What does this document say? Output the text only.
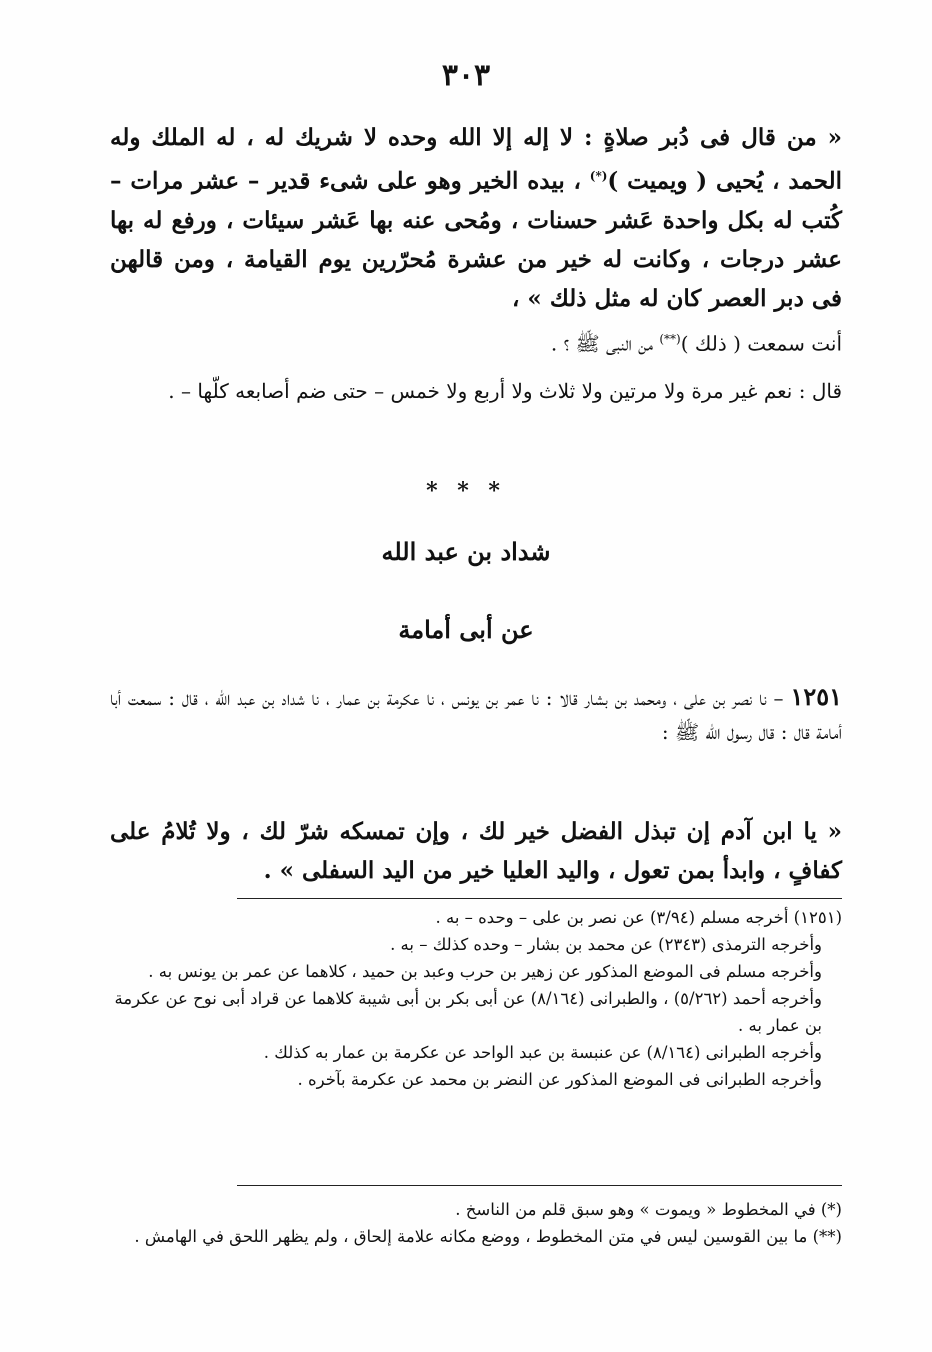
٣٠٣
« من قال فى دُبر صلاةٍ : لا إله إلا الله وحده لا شريك له ، له الملك وله الحمد ، يُحيى ( ويميت )(*) ، بيده الخير وهو على شىء قدير – عشر مرات – كُتب له بكل واحدة عَشر حسنات ، ومُحى عنه بها عَشر سيئات ، ورفع له بها عشر درجات ، وكانت له خير من عشرة مُحرّرين يوم القيامة ، ومن قالهن فى دبر العصر كان له مثل ذلك » ،
أنت سمعت ( ذلك )(**) من النبى ﷺ ؟ .
قال : نعم غير مرة ولا مرتين ولا ثلاث ولا أربع ولا خمس – حتى ضم أصابعه كلّها – .
* * *
شداد بن عبد الله
عن أبى أمامة
١٢٥١ – نا نصر بن على ، ومحمد بن بشار قالا : نا عمر بن يونس ، نا عكرمة بن عمار ، نا شداد بن عبد الله ، قال : سمعت أبا أمامة قال : قال رسول الله ﷺ :
« يا ابن آدم إن تبذل الفضل خير لك ، وإن تمسكه شرّ لك ، ولا تُلامُ على كفافٍ ، وابدأ بمن تعول ، واليد العليا خير من اليد السفلى » .

(١٢٥١) أخرجه مسلم (٣/٩٤) عن نصر بن على – وحده – به .

وأخرجه الترمذى (٢٣٤٣) عن محمد بن بشار – وحده كذلك – به .

وأخرجه مسلم فى الموضع المذكور عن زهير بن حرب وعبد بن حميد ، كلاهما عن عمر بن يونس به .

وأخرجه أحمد (٥/٢٦٢) ، والطبرانى (٨/١٦٤) عن أبى بكر بن أبى شيبة كلاهما عن قراد أبى نوح عن عكرمة بن عمار به .

وأخرجه الطبرانى (٨/١٦٤) عن عنبسة بن عبد الواحد عن عكرمة بن عمار به كذلك .

وأخرجه الطبرانى فى الموضع المذكور عن النضر بن محمد عن عكرمة بآخره .

(*) في المخطوط « ويموت » وهو سبق قلم من الناسخ .

(**) ما بين القوسين ليس في متن المخطوط ، ووضع مكانه علامة إلحاق ، ولم يظهر اللحق في الهامش .
